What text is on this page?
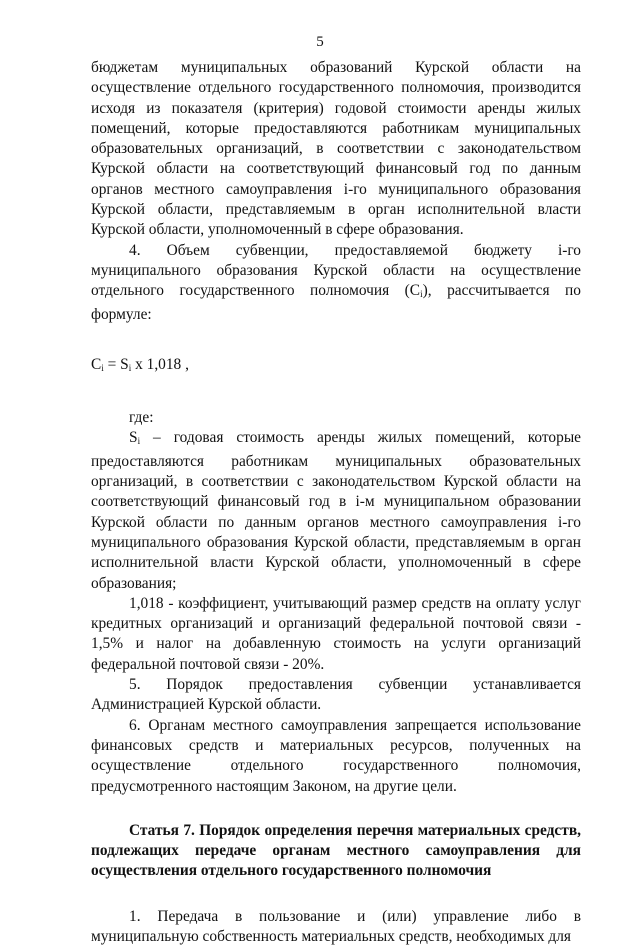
5

бюджетам муниципальных образований Курской области на осуществление отдельного государственного полномочия, производится исходя из показателя (критерия) годовой стоимости аренды жилых помещений, которые предоставляются работникам муниципальных образовательных организаций, в соответствии с законодательством Курской области на соответствующий финансовый год по данным органов местного самоуправления i-го муниципального образования Курской области, представляемым в орган исполнительной власти Курской области, уполномоченный в сфере образования.

4. Объем субвенции, предоставляемой бюджету i-го муниципального образования Курской области на осуществление отдельного государственного полномочия $(C_i)$, рассчитывается по формуле:

$C_i = S_i$ x 1,018 ,

где:

$S_i$ – годовая стоимость аренды жилых помещений, которые предоставляются работникам муниципальных образовательных организаций, в соответствии с законодательством Курской области на соответствующий финансовый год в i-м муниципальном образовании Курской области по данным органов местного самоуправления i-го муниципального образования Курской области, представляемым в орган исполнительной власти Курской области, уполномоченный в сфере образования;

1,018 - коэффициент, учитывающий размер средств на оплату услуг кредитных организаций и организаций федеральной почтовой связи - 1,5% и налог на добавленную стоимость на услуги организаций федеральной почтовой связи - 20%.

5. Порядок предоставления субвенции устанавливается Администрацией Курской области.

6. Органам местного самоуправления запрещается использование финансовых средств и материальных ресурсов, полученных на осуществление отдельного государственного полномочия, предусмотренного настоящим Законом, на другие цели.

Статья 7. Порядок определения перечня материальных средств, подлежащих передаче органам местного самоуправления для осуществления отдельного государственного полномочия

1. Передача в пользование и (или) управление либо в муниципальную собственность материальных средств, необходимых для
